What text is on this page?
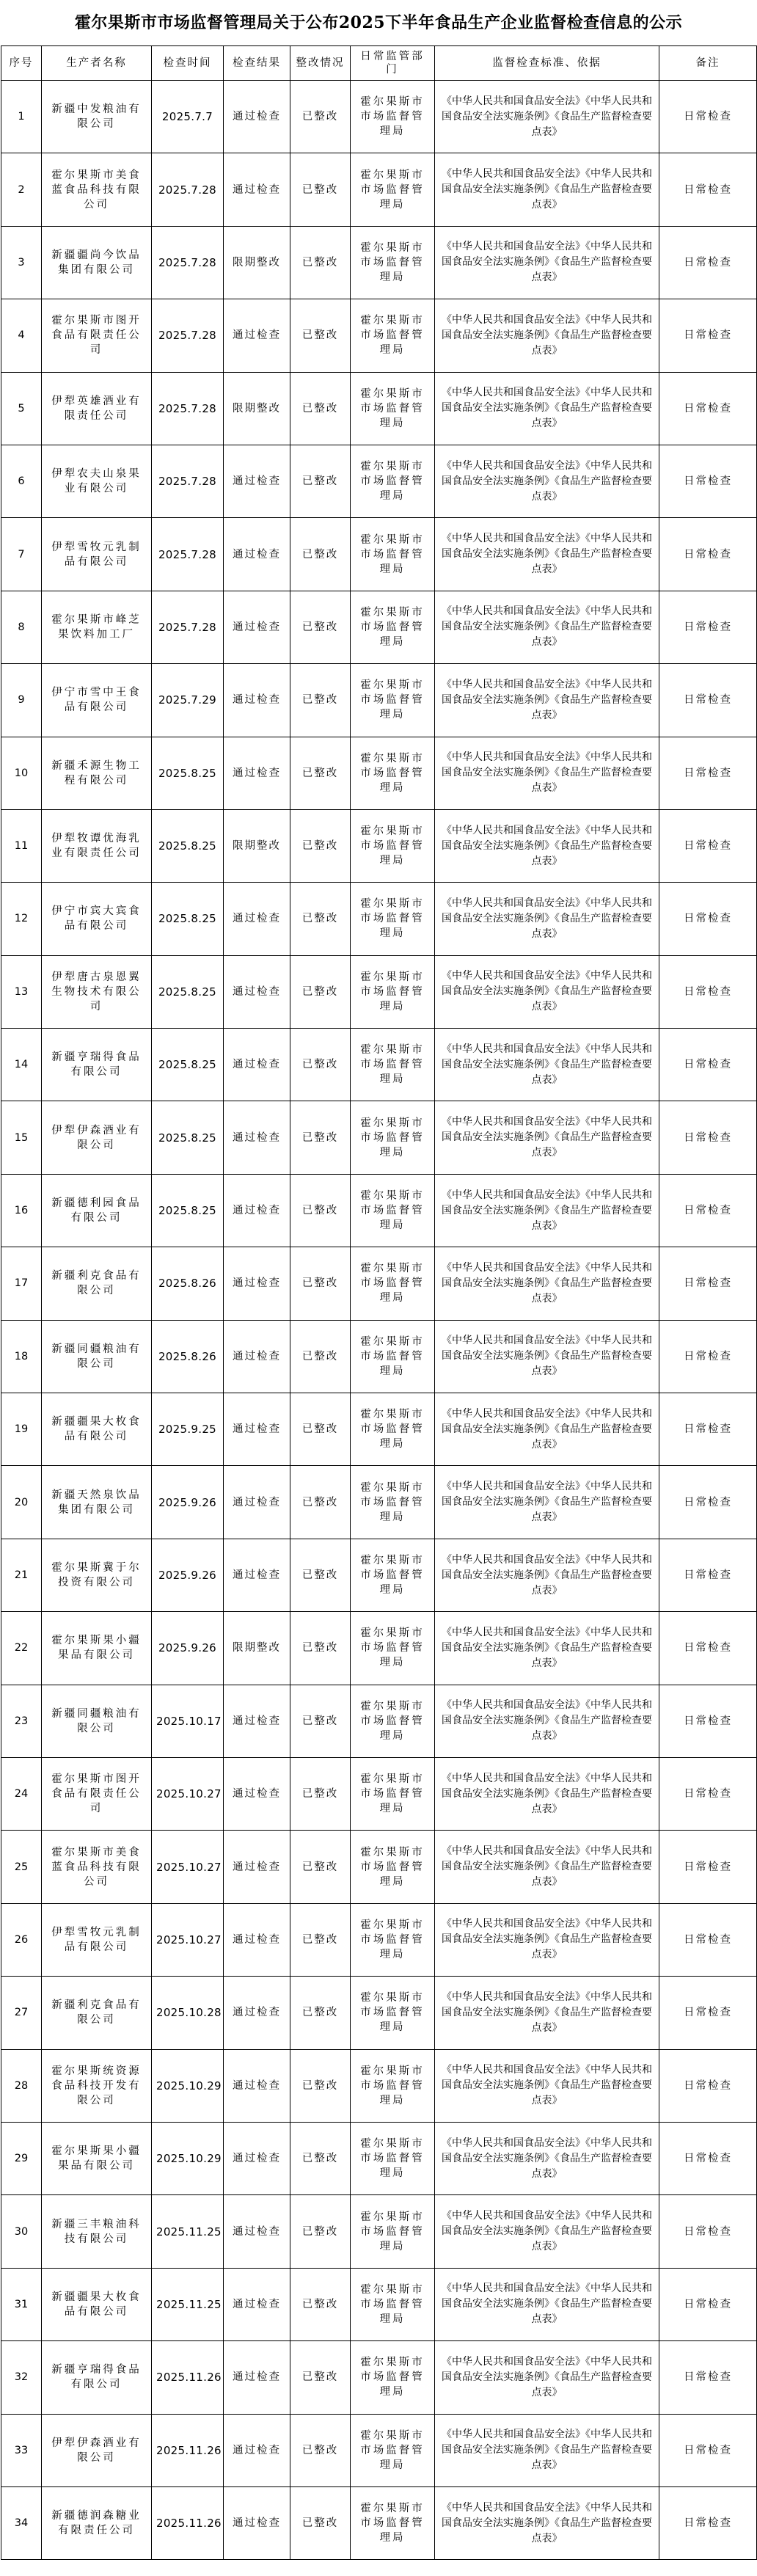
霍尔果斯市市场监督管理局关于公布2025下半年食品生产企业监督检查信息的公示
序号	生产者名称	检查时间	检查结果	整改情况	日常监管部门	监督检查标准、依据	备注
1	新疆中发粮油有限公司	2025.7.7	通过检查	已整改	霍尔果斯市市场监督管理局	《中华人民共和国食品安全法》《中华人民共和国食品安全法实施条例》《食品生产监督检查要点表》	日常检查
2	霍尔果斯市美食蓝食品科技有限公司	2025.7.28	通过检查	已整改	霍尔果斯市市场监督管理局	《中华人民共和国食品安全法》《中华人民共和国食品安全法实施条例》《食品生产监督检查要点表》	日常检查
3	新疆疆尚今饮品集团有限公司	2025.7.28	限期整改	已整改	霍尔果斯市市场监督管理局	《中华人民共和国食品安全法》《中华人民共和国食品安全法实施条例》《食品生产监督检查要点表》	日常检查
4	霍尔果斯市图开食品有限责任公司	2025.7.28	通过检查	已整改	霍尔果斯市市场监督管理局	《中华人民共和国食品安全法》《中华人民共和国食品安全法实施条例》《食品生产监督检查要点表》	日常检查
5	伊犁英雄酒业有限责任公司	2025.7.28	限期整改	已整改	霍尔果斯市市场监督管理局	《中华人民共和国食品安全法》《中华人民共和国食品安全法实施条例》《食品生产监督检查要点表》	日常检查
6	伊犁农夫山泉果业有限公司	2025.7.28	通过检查	已整改	霍尔果斯市市场监督管理局	《中华人民共和国食品安全法》《中华人民共和国食品安全法实施条例》《食品生产监督检查要点表》	日常检查
7	伊犁雪牧元乳制品有限公司	2025.7.28	通过检查	已整改	霍尔果斯市市场监督管理局	《中华人民共和国食品安全法》《中华人民共和国食品安全法实施条例》《食品生产监督检查要点表》	日常检查
8	霍尔果斯市峰芝果饮料加工厂	2025.7.28	通过检查	已整改	霍尔果斯市市场监督管理局	《中华人民共和国食品安全法》《中华人民共和国食品安全法实施条例》《食品生产监督检查要点表》	日常检查
9	伊宁市雪中王食品有限公司	2025.7.29	通过检查	已整改	霍尔果斯市市场监督管理局	《中华人民共和国食品安全法》《中华人民共和国食品安全法实施条例》《食品生产监督检查要点表》	日常检查
10	新疆禾源生物工程有限公司	2025.8.25	通过检查	已整改	霍尔果斯市市场监督管理局	《中华人民共和国食品安全法》《中华人民共和国食品安全法实施条例》《食品生产监督检查要点表》	日常检查
11	伊犁牧谭优海乳业有限责任公司	2025.8.25	限期整改	已整改	霍尔果斯市市场监督管理局	《中华人民共和国食品安全法》《中华人民共和国食品安全法实施条例》《食品生产监督检查要点表》	日常检查
12	伊宁市宾大宾食品有限公司	2025.8.25	通过检查	已整改	霍尔果斯市市场监督管理局	《中华人民共和国食品安全法》《中华人民共和国食品安全法实施条例》《食品生产监督检查要点表》	日常检查
13	伊犁唐古泉恩翼生物技术有限公司	2025.8.25	通过检查	已整改	霍尔果斯市市场监督管理局	《中华人民共和国食品安全法》《中华人民共和国食品安全法实施条例》《食品生产监督检查要点表》	日常检查
14	新疆亨瑞得食品有限公司	2025.8.25	通过检查	已整改	霍尔果斯市市场监督管理局	《中华人民共和国食品安全法》《中华人民共和国食品安全法实施条例》《食品生产监督检查要点表》	日常检查
15	伊犁伊森酒业有限公司	2025.8.25	通过检查	已整改	霍尔果斯市市场监督管理局	《中华人民共和国食品安全法》《中华人民共和国食品安全法实施条例》《食品生产监督检查要点表》	日常检查
16	新疆德利园食品有限公司	2025.8.25	通过检查	已整改	霍尔果斯市市场监督管理局	《中华人民共和国食品安全法》《中华人民共和国食品安全法实施条例》《食品生产监督检查要点表》	日常检查
17	新疆利克食品有限公司	2025.8.26	通过检查	已整改	霍尔果斯市市场监督管理局	《中华人民共和国食品安全法》《中华人民共和国食品安全法实施条例》《食品生产监督检查要点表》	日常检查
18	新疆同疆粮油有限公司	2025.8.26	通过检查	已整改	霍尔果斯市市场监督管理局	《中华人民共和国食品安全法》《中华人民共和国食品安全法实施条例》《食品生产监督检查要点表》	日常检查
19	新疆疆果大枚食品有限公司	2025.9.25	通过检查	已整改	霍尔果斯市市场监督管理局	《中华人民共和国食品安全法》《中华人民共和国食品安全法实施条例》《食品生产监督检查要点表》	日常检查
20	新疆天然泉饮品集团有限公司	2025.9.26	通过检查	已整改	霍尔果斯市市场监督管理局	《中华人民共和国食品安全法》《中华人民共和国食品安全法实施条例》《食品生产监督检查要点表》	日常检查
21	霍尔果斯冀于尔投资有限公司	2025.9.26	通过检查	已整改	霍尔果斯市市场监督管理局	《中华人民共和国食品安全法》《中华人民共和国食品安全法实施条例》《食品生产监督检查要点表》	日常检查
22	霍尔果斯果小疆果品有限公司	2025.9.26	限期整改	已整改	霍尔果斯市市场监督管理局	《中华人民共和国食品安全法》《中华人民共和国食品安全法实施条例》《食品生产监督检查要点表》	日常检查
23	新疆同疆粮油有限公司	2025.10.17	通过检查	已整改	霍尔果斯市市场监督管理局	《中华人民共和国食品安全法》《中华人民共和国食品安全法实施条例》《食品生产监督检查要点表》	日常检查
24	霍尔果斯市图开食品有限责任公司	2025.10.27	通过检查	已整改	霍尔果斯市市场监督管理局	《中华人民共和国食品安全法》《中华人民共和国食品安全法实施条例》《食品生产监督检查要点表》	日常检查
25	霍尔果斯市美食蓝食品科技有限公司	2025.10.27	通过检查	已整改	霍尔果斯市市场监督管理局	《中华人民共和国食品安全法》《中华人民共和国食品安全法实施条例》《食品生产监督检查要点表》	日常检查
26	伊犁雪牧元乳制品有限公司	2025.10.27	通过检查	已整改	霍尔果斯市市场监督管理局	《中华人民共和国食品安全法》《中华人民共和国食品安全法实施条例》《食品生产监督检查要点表》	日常检查
27	新疆利克食品有限公司	2025.10.28	通过检查	已整改	霍尔果斯市市场监督管理局	《中华人民共和国食品安全法》《中华人民共和国食品安全法实施条例》《食品生产监督检查要点表》	日常检查
28	霍尔果斯统资源食品科技开发有限公司	2025.10.29	通过检查	已整改	霍尔果斯市市场监督管理局	《中华人民共和国食品安全法》《中华人民共和国食品安全法实施条例》《食品生产监督检查要点表》	日常检查
29	霍尔果斯果小疆果品有限公司	2025.10.29	通过检查	已整改	霍尔果斯市市场监督管理局	《中华人民共和国食品安全法》《中华人民共和国食品安全法实施条例》《食品生产监督检查要点表》	日常检查
30	新疆三丰粮油科技有限公司	2025.11.25	通过检查	已整改	霍尔果斯市市场监督管理局	《中华人民共和国食品安全法》《中华人民共和国食品安全法实施条例》《食品生产监督检查要点表》	日常检查
31	新疆疆果大枚食品有限公司	2025.11.25	通过检查	已整改	霍尔果斯市市场监督管理局	《中华人民共和国食品安全法》《中华人民共和国食品安全法实施条例》《食品生产监督检查要点表》	日常检查
32	新疆亨瑞得食品有限公司	2025.11.26	通过检查	已整改	霍尔果斯市市场监督管理局	《中华人民共和国食品安全法》《中华人民共和国食品安全法实施条例》《食品生产监督检查要点表》	日常检查
33	伊犁伊森酒业有限公司	2025.11.26	通过检查	已整改	霍尔果斯市市场监督管理局	《中华人民共和国食品安全法》《中华人民共和国食品安全法实施条例》《食品生产监督检查要点表》	日常检查
34	新疆德润森糖业有限责任公司	2025.11.26	通过检查	已整改	霍尔果斯市市场监督管理局	《中华人民共和国食品安全法》《中华人民共和国食品安全法实施条例》《食品生产监督检查要点表》	日常检查
